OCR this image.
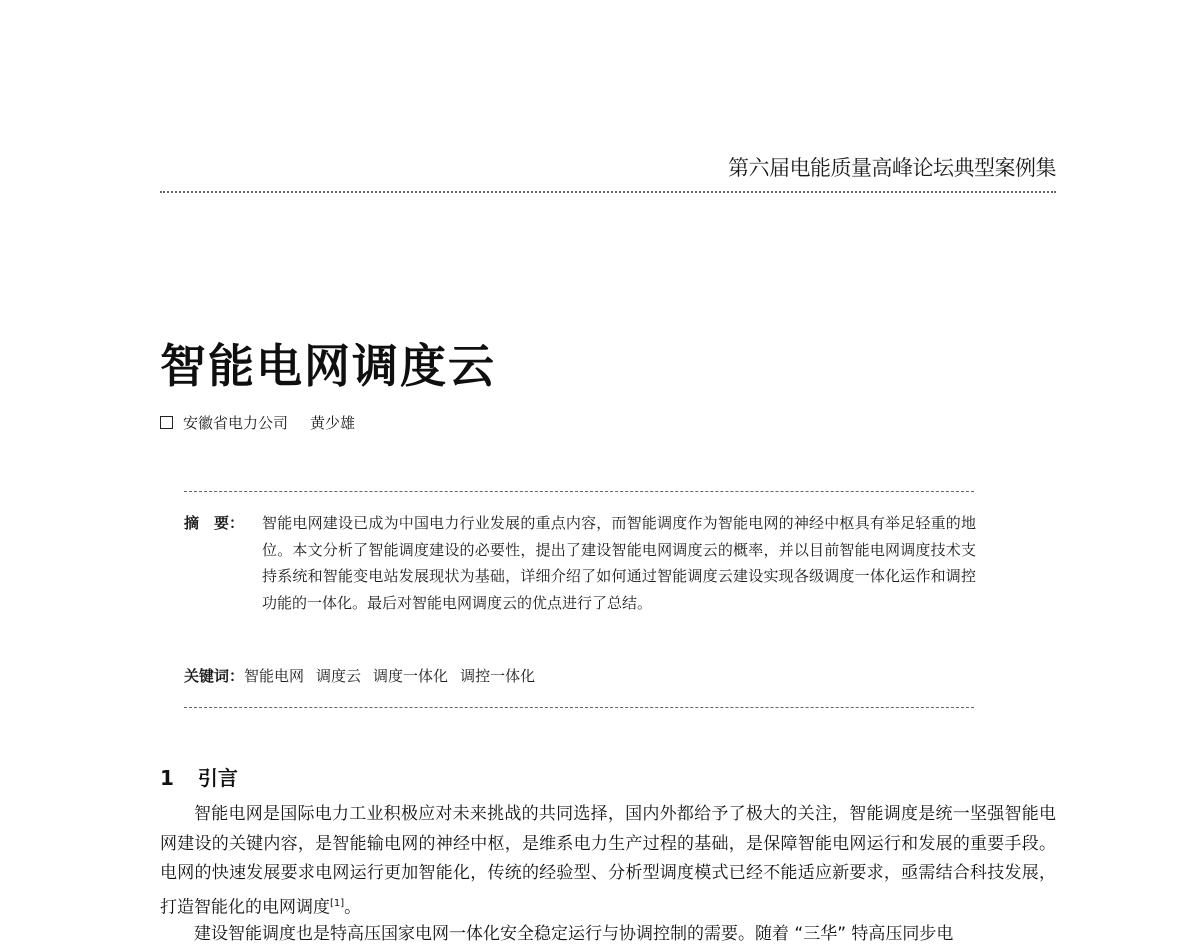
第六届电能质量高峰论坛典型案例集
智能电网调度云
安徽省电力公司 黄少雄
摘　要： 智能电网建设已成为中国电力行业发展的重点内容，而智能调度作为智能电网的神经中枢具有举足轻重的地位。本文分析了智能调度建设的必要性，提出了建设智能电网调度云的概率，并以目前智能电网调度技术支持系统和智能变电站发展现状为基础，详细介绍了如何通过智能调度云建设实现各级调度一体化运作和调控功能的一体化。最后对智能电网调度云的优点进行了总结。
关键词：智能电网 调度云 调度一体化 调控一体化
1 引言

智能电网是国际电力工业积极应对未来挑战的共同选择，国内外都给予了极大的关注，智能调度是统一坚强智能电网建设的关键内容，是智能输电网的神经中枢，是维系电力生产过程的基础，是保障智能电网运行和发展的重要手段。电网的快速发展要求电网运行更加智能化，传统的经验型、分析型调度模式已经不能适应新要求，亟需结合科技发展，打造智能化的电网调度[1]。

建设智能调度也是特高压国家电网一体化安全稳定运行与协调控制的需要。随着 “三华” 特高压同步电
